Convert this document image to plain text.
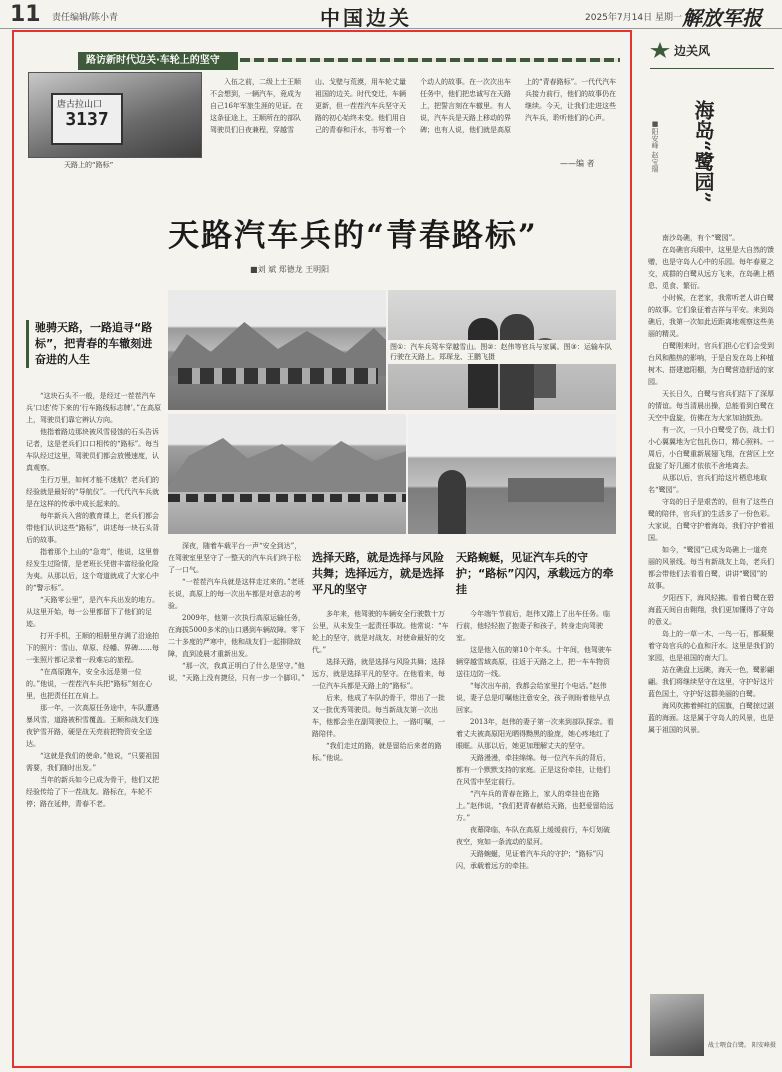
11 责任编辑/陈小青	中国边关	2025年7月14日 星期一 解放军报
路访新时代边关·车轮上的坚守
唐古拉山口
3137
天路上的“路标”
入伍之前，二级上士王顺不会想到，一辆汽车，竟成为自己16年军旅生涯的见证。在这条征途上，王顺所在的部队驾驶员们日夜兼程，穿越雪山、戈壁与荒漠，用车轮丈量祖国的边关。时代变迁，车辆更新，但一茬茬汽车兵坚守天路的初心始终未变。他们用自己的青春和汗水，书写着一个个动人的故事。在一次次出车任务中，他们把忠诚写在天路上，把誓言刻在车辙里。有人说，汽车兵是天路上移动的界碑；也有人说，他们就是高原上的“青春路标”。一代代汽车兵接力前行，他们的故事仍在继续。今天，让我们走进这些汽车兵，聆听他们的心声。
——编 者
天路汽车兵的“青春路标”
■刘 斌 郑德龙 王明阳
驰骋天路，一路追寻“路标”，把青春的车辙刻进奋进的人生

“这块石头不一般，是经过一茬茬汽车兵‘口述’传下来的‘行车路线标志牌’。”在高原上，驾驶员们靠它辨认方向。

他指着路边那块被风雪侵蚀的石头告诉记者，这是老兵们口口相传的“路标”。每当车队经过这里，驾驶员们都会放慢速度，认真观察。

生行万里，如何才能不迷航？老兵们的经验就是最好的“导航仪”。一代代汽车兵就是在这样的传承中成长起来的。

每年新兵入营的教育课上，老兵们都会带他们认识这些“路标”，讲述每一块石头背后的故事。

指着那个上山的“急弯”，他说，这里曾经发生过险情，是老班长凭借丰富经验化险为夷。从那以后，这个弯道就成了大家心中的“警示标”。

“天路零公里”，是汽车兵出发的地方。从这里开始，每一公里都留下了他们的足迹。

打开手机，王顺的相册里存满了沿途拍下的照片：雪山、草原、经幡、界碑……每一张照片都记录着一段难忘的旅程。

“在高原跑车，安全永远是第一位的。”他说，一茬茬汽车兵把“路标”刻在心里，也把责任扛在肩上。

那一年，一次高原任务途中，车队遭遇暴风雪，道路被积雪覆盖。王顺和战友们连夜铲雪开路，硬是在天亮前把物资安全送达。

“这就是我们的使命。”他说，“只要祖国需要，我们随时出发。”

当年的新兵如今已成为骨干，他们又把经验传给了下一茬战友。路标在，车轮不停；路在延伸，青春不老。

图①：汽车兵驾车穿越雪山。图②：赵伟等官兵与家属。图③：运输车队行驶在天路上。郑琛龙、王鹏飞摄

深夜，随着车载平台一声“安全到达”，在驾驶室里坚守了一整天的汽车兵们终于松了一口气。

“一茬茬汽车兵就是这样走过来的。”老班长说，高原上的每一次出车都是对意志的考验。

2009年，他第一次执行高原运输任务，在海拔5000多米的山口遇到车辆故障。零下二十多度的严寒中，他和战友们一起排除故障，直到凌晨才重新出发。

“那一次，我真正明白了什么是坚守。”他说，“天路上没有捷径，只有一步一个脚印。”

选择天路，就是选择与风险共舞；选择远方，就是选择平凡的坚守

多年来，他驾驶的车辆安全行驶数十万公里，从未发生一起责任事故。他常说：“车轮上的坚守，就是对战友、对使命最好的交代。”

选择天路，就是选择与风险共舞；选择远方，就是选择平凡的坚守。在他看来，每一位汽车兵都是天路上的“路标”。

后来，他成了车队的骨干，带出了一批又一批优秀驾驶员。每当新战友第一次出车，他都会坐在副驾驶位上，一路叮嘱，一路陪伴。

“我们走过的路，就是留给后来者的路标。”他说。

天路蜿蜒，见证汽车兵的守护；“路标”闪闪，承载远方的牵挂

今年端午节前后，赵伟又踏上了出车任务。临行前，他轻轻抱了抱妻子和孩子，转身走向驾驶室。

这是他入伍的第10个年头。十年间，他驾驶车辆穿越雪域高原，往返于天路之上，把一车车物资送往边防一线。

“每次出车前，我都会给家里打个电话。”赵伟说，妻子总是叮嘱他注意安全，孩子则盼着他早点回家。

2013年，赵伟的妻子第一次来到部队探亲。看着丈夫被高原阳光晒得黝黑的脸庞，她心疼地红了眼眶。从那以后，她更加理解丈夫的坚守。

天路漫漫，牵挂绵绵。每一位汽车兵的背后，都有一个默默支持的家庭。正是这份牵挂，让他们在风雪中坚定前行。

“汽车兵的青春在路上，家人的牵挂也在路上。”赵伟说，“我们把青春献给天路，也把爱留给远方。”

夜幕降临，车队在高原上缓缓前行，车灯划破夜空，宛如一条流动的星河。

天路蜿蜒，见证着汽车兵的守护；“路标”闪闪，承载着远方的牵挂。

边关风
海岛“鹭园”
■阳安峰 赵宝瑞

南沙岛礁，有个“鹭园”。

在岛礁官兵眼中，这里是大自然的馈赠，也是守岛人心中的乐园。每年春夏之交，成群的白鹭从远方飞来，在岛礁上栖息、觅食、繁衍。

小时候，在老家，我常听老人讲白鹭的故事。它们象征着吉祥与平安。来到岛礁后，我第一次如此近距离地观察这些美丽的精灵。

白鹭刚来时，官兵们担心它们会受到台风和酷热的影响，于是自发在岛上种植树木、搭建遮阳棚，为白鹭营造舒适的家园。

天长日久，白鹭与官兵们结下了深厚的情谊。每当清晨出操，总能看到白鹭在天空中盘旋，仿佛在为大家加油鼓劲。

有一次，一只小白鹭受了伤，战士们小心翼翼地为它包扎伤口，精心照料。一周后，小白鹭重新展翅飞翔，在营区上空盘旋了好几圈才依依不舍地离去。

从那以后，官兵们给这片栖息地取名“鹭园”。

守岛的日子是艰苦的，但有了这些白鹭的陪伴，官兵们的生活多了一份色彩。大家说，白鹭守护着海岛，我们守护着祖国。

如今，“鹭园”已成为岛礁上一道亮丽的风景线。每当有新战友上岛，老兵们都会带他们去看看白鹭，讲讲“鹭园”的故事。

夕阳西下，海风轻拂。看着白鹭在碧海蓝天间自由翱翔，我们更加懂得了守岛的意义。

岛上的一草一木、一鸟一石，都凝聚着守岛官兵的心血和汗水。这里是我们的家园，也是祖国的南大门。

站在礁盘上远眺，海天一色，鹭影翩翩。我们将继续坚守在这里，守护好这片蓝色国土，守护好这群美丽的白鹭。

海风吹拂着鲜红的国旗，白鹭掠过湛蓝的海面。这是属于守岛人的风景，也是属于祖国的风景。

战士喂食白鹭。 阳安峰摄
